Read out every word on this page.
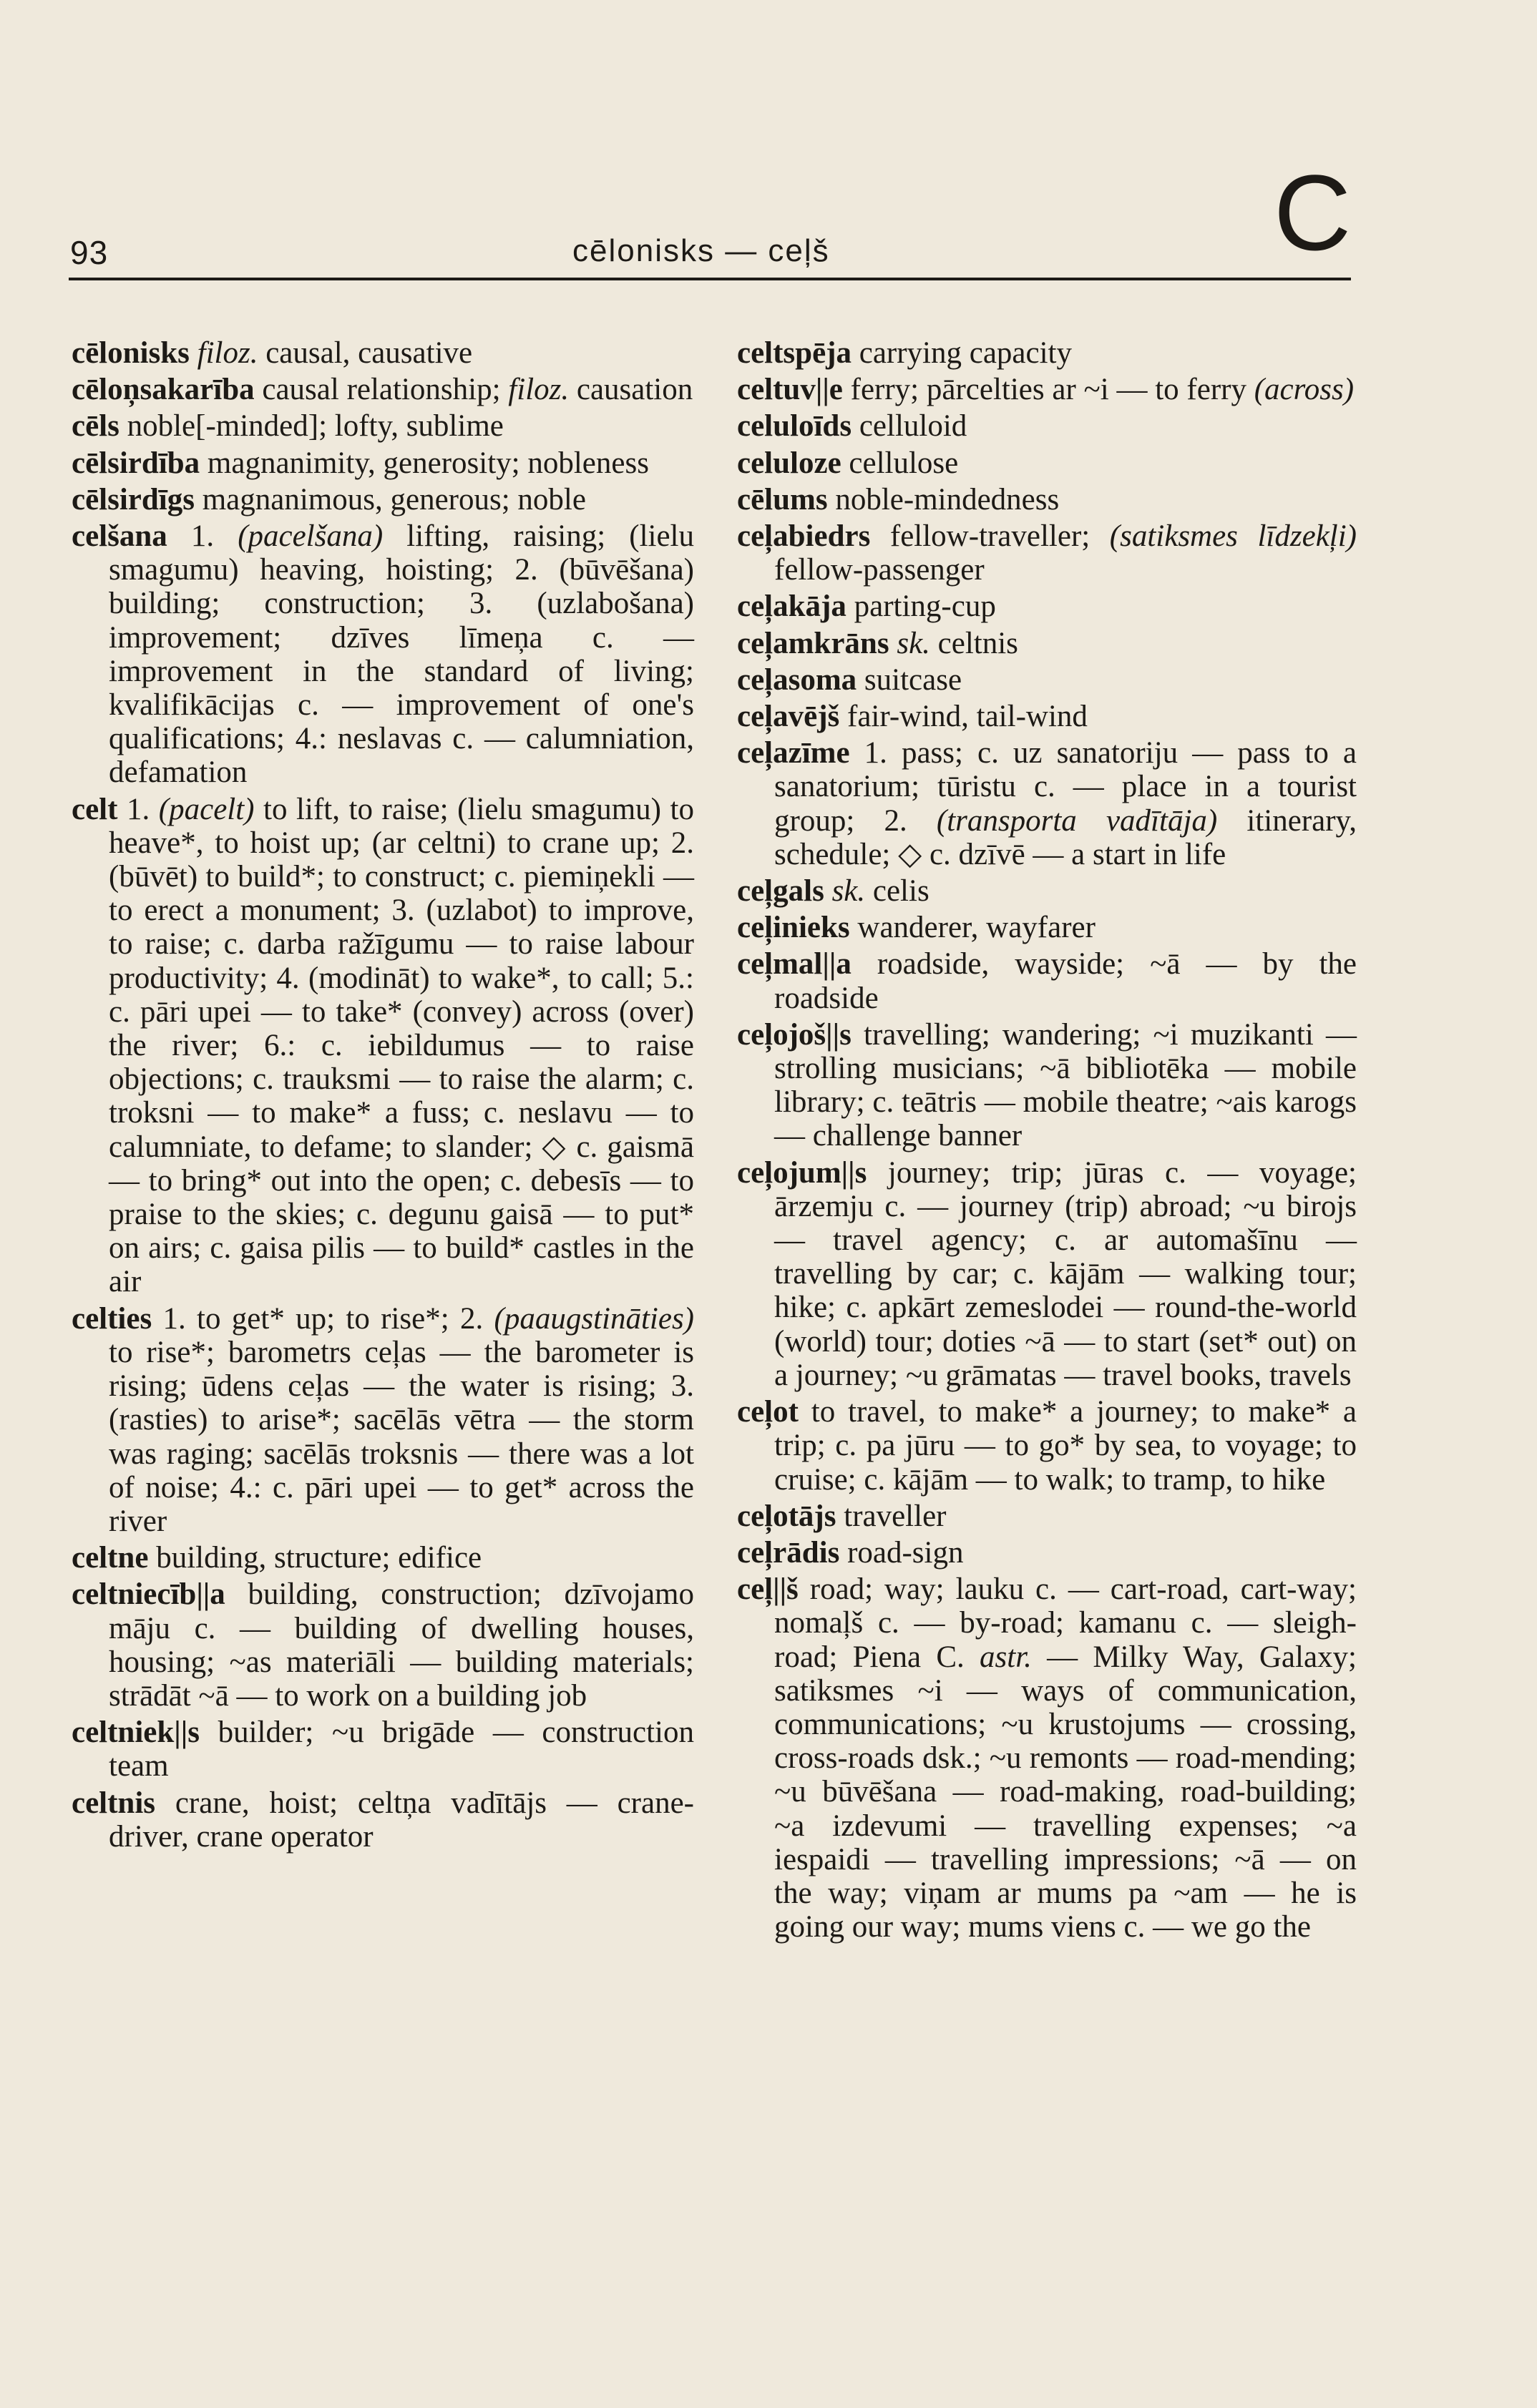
93	cēlonisks — ceļš	C

cēlonisks filoz. causal, causative

cēloņsakarība causal relationship; filoz. causation

cēls noble[-minded]; lofty, sublime

cēlsirdība magnanimity, generosity; nobleness

cēlsirdīgs magnanimous, generous; noble

celšana 1. (pacelšana) lifting, raising; (lielu smagumu) heaving, hoisting; 2. (būvēšana) building; construction; 3. (uzlabošana) improvement; dzīves līmeņa c. — improvement in the standard of living; kvalifikācijas c. — improvement of one's qualifications; 4.: neslavas c. — calumniation, defamation

celt 1. (pacelt) to lift, to raise; (lielu smagumu) to heave*, to hoist up; (ar celtni) to crane up; 2. (būvēt) to build*; to construct; c. piemiņekli — to erect a monument; 3. (uzlabot) to improve, to raise; c. darba ražīgumu — to raise labour productivity; 4. (modināt) to wake*, to call; 5.: c. pāri upei — to take* (convey) across (over) the river; 6.: c. iebildumus — to raise objections; c. trauksmi — to raise the alarm; c. troksni — to make* a fuss; c. neslavu — to calumniate, to defame; to slander; ◇ c. gaismā — to bring* out into the open; c. debesīs — to praise to the skies; c. degunu gaisā — to put* on airs; c. gaisa pilis — to build* castles in the air

celties 1. to get* up; to rise*; 2. (paaugstināties) to rise*; barometrs ceļas — the barometer is rising; ūdens ceļas — the water is rising; 3. (rasties) to arise*; sacēlās vētra — the storm was raging; sacēlās troksnis — there was a lot of noise; 4.: c. pāri upei — to get* across the river

celtne building, structure; edifice

celtniecīb||a building, construction; dzīvojamo māju c. — building of dwelling houses, housing; ~as materiāli — building materials; strādāt ~ā — to work on a building job

celtniek||s builder; ~u brigāde — construction team

celtnis crane, hoist; celtņa vadītājs — crane-driver, crane operator

celtspēja carrying capacity

celtuv||e ferry; pārcelties ar ~i — to ferry (across)

celuloīds celluloid

celuloze cellulose

cēlums noble-mindedness

ceļabiedrs fellow-traveller; (satiksmes līdzekļi) fellow-passenger

ceļakāja parting-cup

ceļamkrāns sk. celtnis

ceļasoma suitcase

ceļavējš fair-wind, tail-wind

ceļazīme 1. pass; c. uz sanatoriju — pass to a sanatorium; tūristu c. — place in a tourist group; 2. (transporta vadītāja) itinerary, schedule; ◇ c. dzīvē — a start in life

ceļgals sk. celis

ceļinieks wanderer, wayfarer

ceļmal||a roadside, wayside; ~ā — by the roadside

ceļojoš||s travelling; wandering; ~i muzikanti — strolling musicians; ~ā bibliotēka — mobile library; c. teātris — mobile theatre; ~ais karogs — challenge banner

ceļojum||s journey; trip; jūras c. — voyage; ārzemju c. — journey (trip) abroad; ~u birojs — travel agency; c. ar automašīnu — travelling by car; c. kājām — walking tour; hike; c. apkārt zemeslodei — round-the-world (world) tour; doties ~ā — to start (set* out) on a journey; ~u grāmatas — travel books, travels

ceļot to travel, to make* a journey; to make* a trip; c. pa jūru — to go* by sea, to voyage; to cruise; c. kājām — to walk; to tramp, to hike

ceļotājs traveller

ceļrādis road-sign

ceļ||š road; way; lauku c. — cart-road, cart-way; nomaļš c. — by-road; kamanu c. — sleigh-road; Piena C. astr. — Milky Way, Galaxy; satiksmes ~i — ways of communication, communications; ~u krustojums — crossing, cross-roads dsk.; ~u remonts — road-mending; ~u būvēšana — road-making, road-building; ~a izdevumi — travelling expenses; ~a iespaidi — travelling impressions; ~ā — on the way; viņam ar mums pa ~am — he is going our way; mums viens c. — we go the
